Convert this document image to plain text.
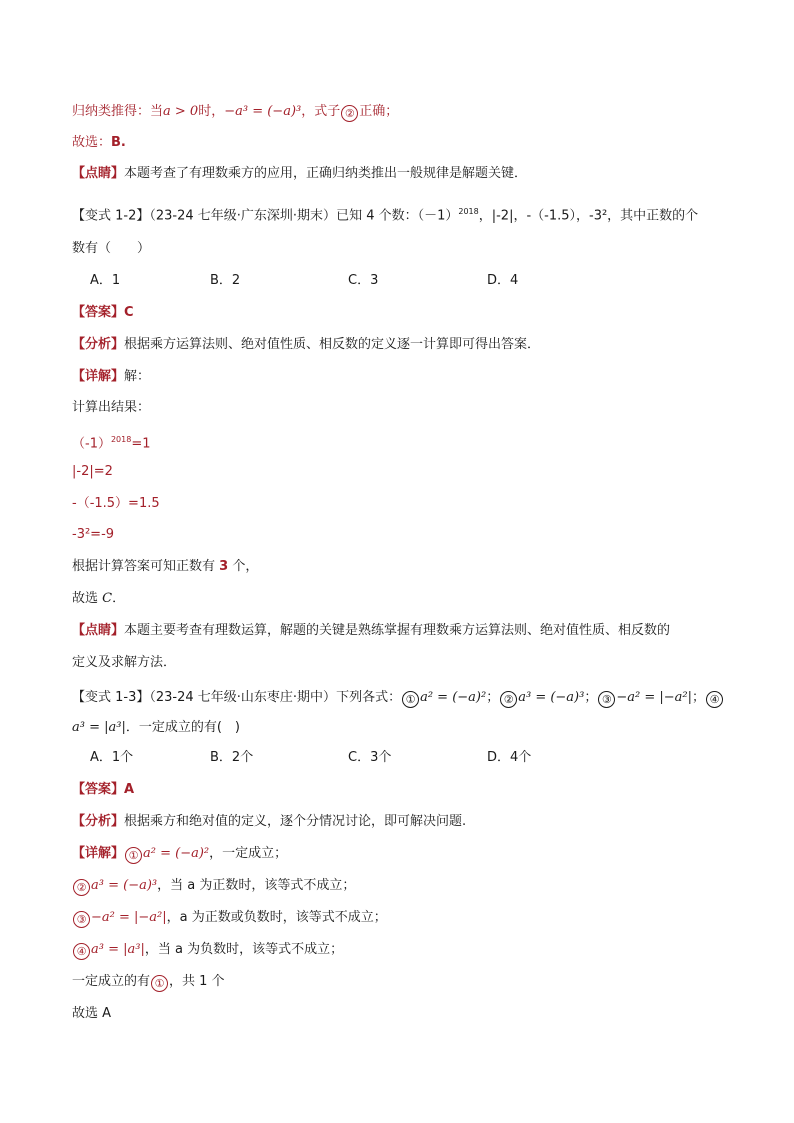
归纳类推得：当a > 0时，−a³ = (−a)³，式子 ② 正确；
故选：B.
【点睛】本题考查了有理数乘方的应用，正确归纳类推出一般规律是解题关键．
【变式 1-2】（23-24 七年级·广东深圳·期末）已知 4 个数：$(-1)^{2018}$，|-2|，-（-1.5），-3²，其中正数的个
数有（　　）
A．1	B．2	C．3	D．4
【答案】C
【分析】根据乘方运算法则、绝对值性质、相反数的定义逐一计算即可得出答案．
【详解】解：
计算出结果：
$(-1)^{2018}=1$
|-2|=2
-（-1.5）=1.5
-3²=-9
根据计算答案可知正数有 3 个，
故选 C．
【点睛】本题主要考查有理数运算，解题的关键是熟练掌握有理数乘方运算法则、绝对值性质、相反数的
定义及求解方法．
【变式 1-3】（23-24 七年级·山东枣庄·期中）下列各式： ① a² = (−a)²； ② a³ = (−a)³； ③ −a² = |−a²|； ④
a³ = |a³|．一定成立的有(　)
A．1个	B．2个	C．3个	D．4个
【答案】A
【分析】根据乘方和绝对值的定义，逐个分情况讨论，即可解决问题.
【详解】 ① a² = (−a)²，一定成立；
② a³ = (−a)³，当 a 为正数时，该等式不成立；
③ −a² = |−a²|，a 为正数或负数时，该等式不成立；
④ a³ = |a³|，当 a 为负数时，该等式不成立；
一定成立的有 ① ，共 1 个
故选 A
